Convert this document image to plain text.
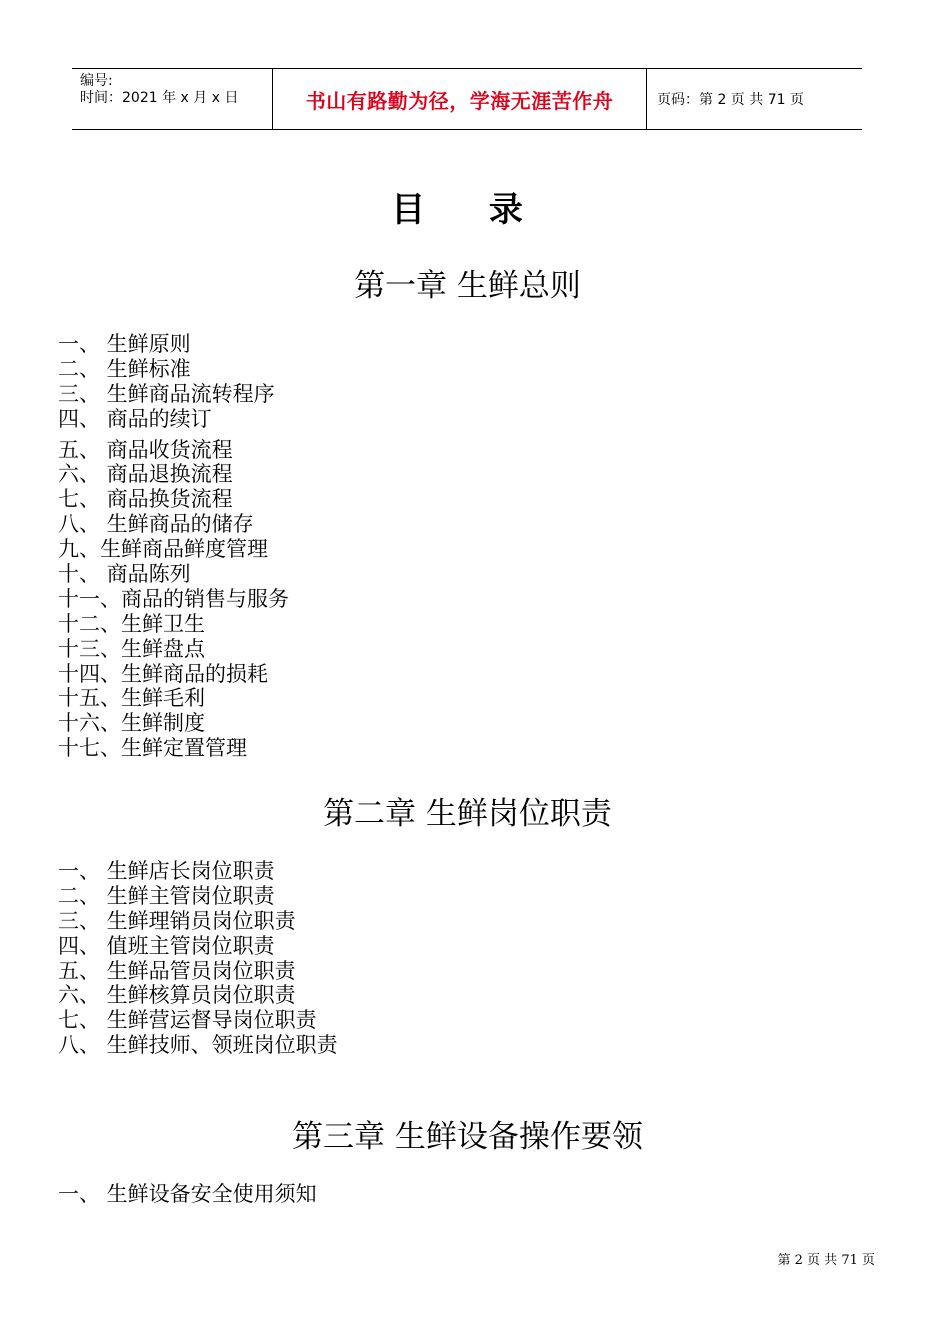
编号:
时间：2021 年 x 月 x 日	书山有路勤为径，学海无涯苦作舟	页码：第 2 页 共 71 页
目 录
第一章 生鲜总则
一、 生鲜原则
二、 生鲜标准
三、 生鲜商品流转程序
四、 商品的续订
五、 商品收货流程
六、 商品退换流程
七、 商品换货流程
八、 生鲜商品的储存
九、生鲜商品鲜度管理
十、 商品陈列
十一、商品的销售与服务
十二、生鲜卫生
十三、生鲜盘点
十四、生鲜商品的损耗
十五、生鲜毛利
十六、生鲜制度
十七、生鲜定置管理
第二章 生鲜岗位职责
一、 生鲜店长岗位职责
二、 生鲜主管岗位职责
三、 生鲜理销员岗位职责
四、 值班主管岗位职责
五、 生鲜品管员岗位职责
六、 生鲜核算员岗位职责
七、 生鲜营运督导岗位职责
八、 生鲜技师、领班岗位职责
第三章 生鲜设备操作要领
一、 生鲜设备安全使用须知
第 2 页 共 71 页
